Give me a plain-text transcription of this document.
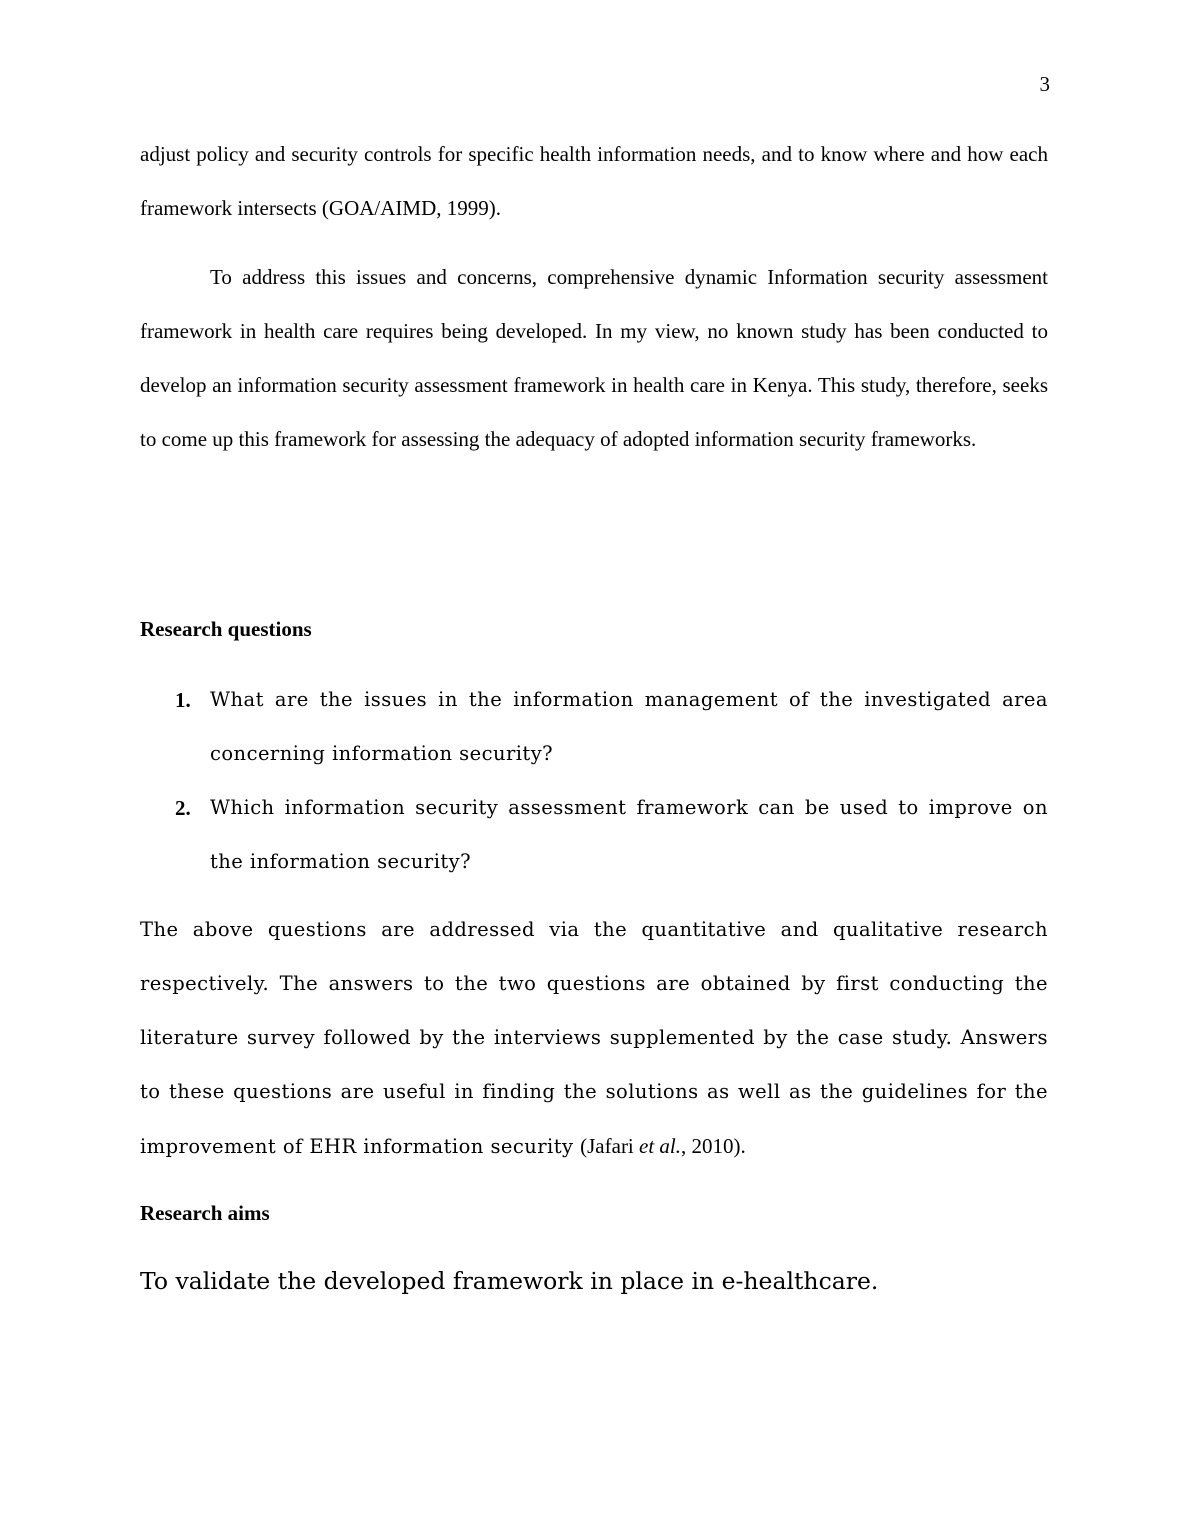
3

adjust policy and security controls for specific health information needs, and to know where and how each framework intersects (GOA/AIMD, 1999).

To address this issues and concerns, comprehensive dynamic Information security assessment framework in health care requires being developed. In my view, no known study has been conducted to develop an information security assessment framework in health care in Kenya. This study, therefore, seeks to come up this framework for assessing the adequacy of adopted information security frameworks.

Research questions
1. What are the issues in the information management of the investigated area concerning information security?
2. Which information security assessment framework can be used to improve on the information security?

The above questions are addressed via the quantitative and qualitative research respectively. The answers to the two questions are obtained by first conducting the literature survey followed by the interviews supplemented by the case study. Answers to these questions are useful in finding the solutions as well as the guidelines for the improvement of EHR information security (Jafari et al., 2010).

Research aims

To validate the developed framework in place in e-healthcare.
